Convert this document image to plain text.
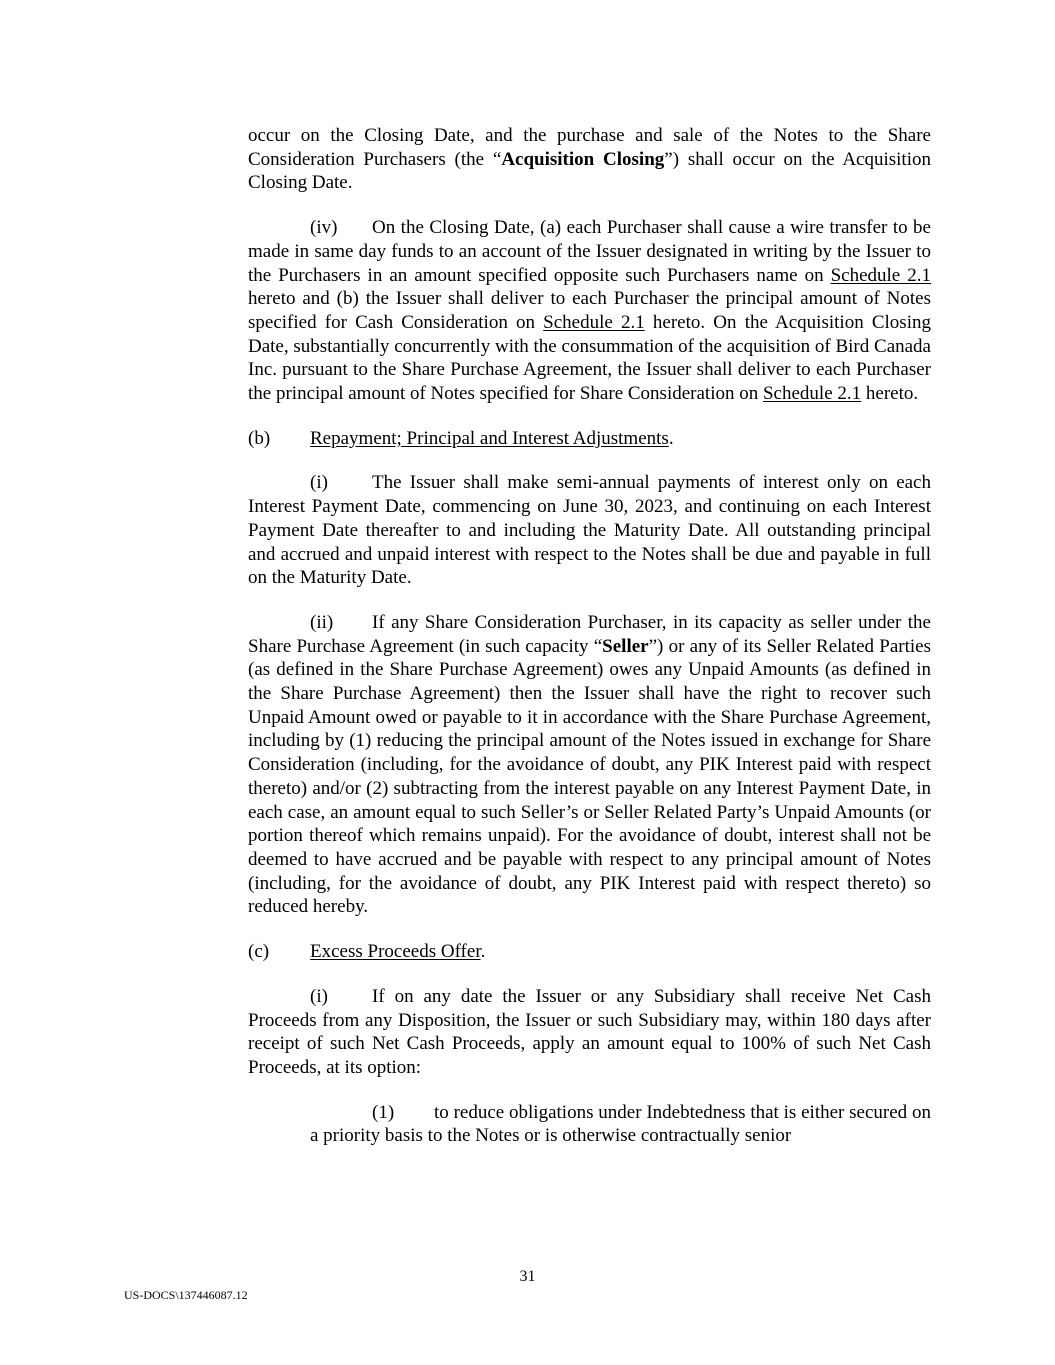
occur on the Closing Date, and the purchase and sale of the Notes to the Share Consideration Purchasers (the “Acquisition Closing”) shall occur on the Acquisition Closing Date.

(iv) On the Closing Date, (a) each Purchaser shall cause a wire transfer to be made in same day funds to an account of the Issuer designated in writing by the Issuer to the Purchasers in an amount specified opposite such Purchasers name on Schedule 2.1 hereto and (b) the Issuer shall deliver to each Purchaser the principal amount of Notes specified for Cash Consideration on Schedule 2.1 hereto. On the Acquisition Closing Date, substantially concurrently with the consummation of the acquisition of Bird Canada Inc. pursuant to the Share Purchase Agreement, the Issuer shall deliver to each Purchaser the principal amount of Notes specified for Share Consideration on Schedule 2.1 hereto.

(b) Repayment; Principal and Interest Adjustments.

(i) The Issuer shall make semi-annual payments of interest only on each Interest Payment Date, commencing on June 30, 2023, and continuing on each Interest Payment Date thereafter to and including the Maturity Date. All outstanding principal and accrued and unpaid interest with respect to the Notes shall be due and payable in full on the Maturity Date.

(ii) If any Share Consideration Purchaser, in its capacity as seller under the Share Purchase Agreement (in such capacity “Seller”) or any of its Seller Related Parties (as defined in the Share Purchase Agreement) owes any Unpaid Amounts (as defined in the Share Purchase Agreement) then the Issuer shall have the right to recover such Unpaid Amount owed or payable to it in accordance with the Share Purchase Agreement, including by (1) reducing the principal amount of the Notes issued in exchange for Share Consideration (including, for the avoidance of doubt, any PIK Interest paid with respect thereto) and/or (2) subtracting from the interest payable on any Interest Payment Date, in each case, an amount equal to such Seller’s or Seller Related Party’s Unpaid Amounts (or portion thereof which remains unpaid). For the avoidance of doubt, interest shall not be deemed to have accrued and be payable with respect to any principal amount of Notes (including, for the avoidance of doubt, any PIK Interest paid with respect thereto) so reduced hereby.

(c) Excess Proceeds Offer.

(i) If on any date the Issuer or any Subsidiary shall receive Net Cash Proceeds from any Disposition, the Issuer or such Subsidiary may, within 180 days after receipt of such Net Cash Proceeds, apply an amount equal to 100% of such Net Cash Proceeds, at its option:

(1) to reduce obligations under Indebtedness that is either secured on a priority basis to the Notes or is otherwise contractually senior

31
US-DOCS\137446087.12
